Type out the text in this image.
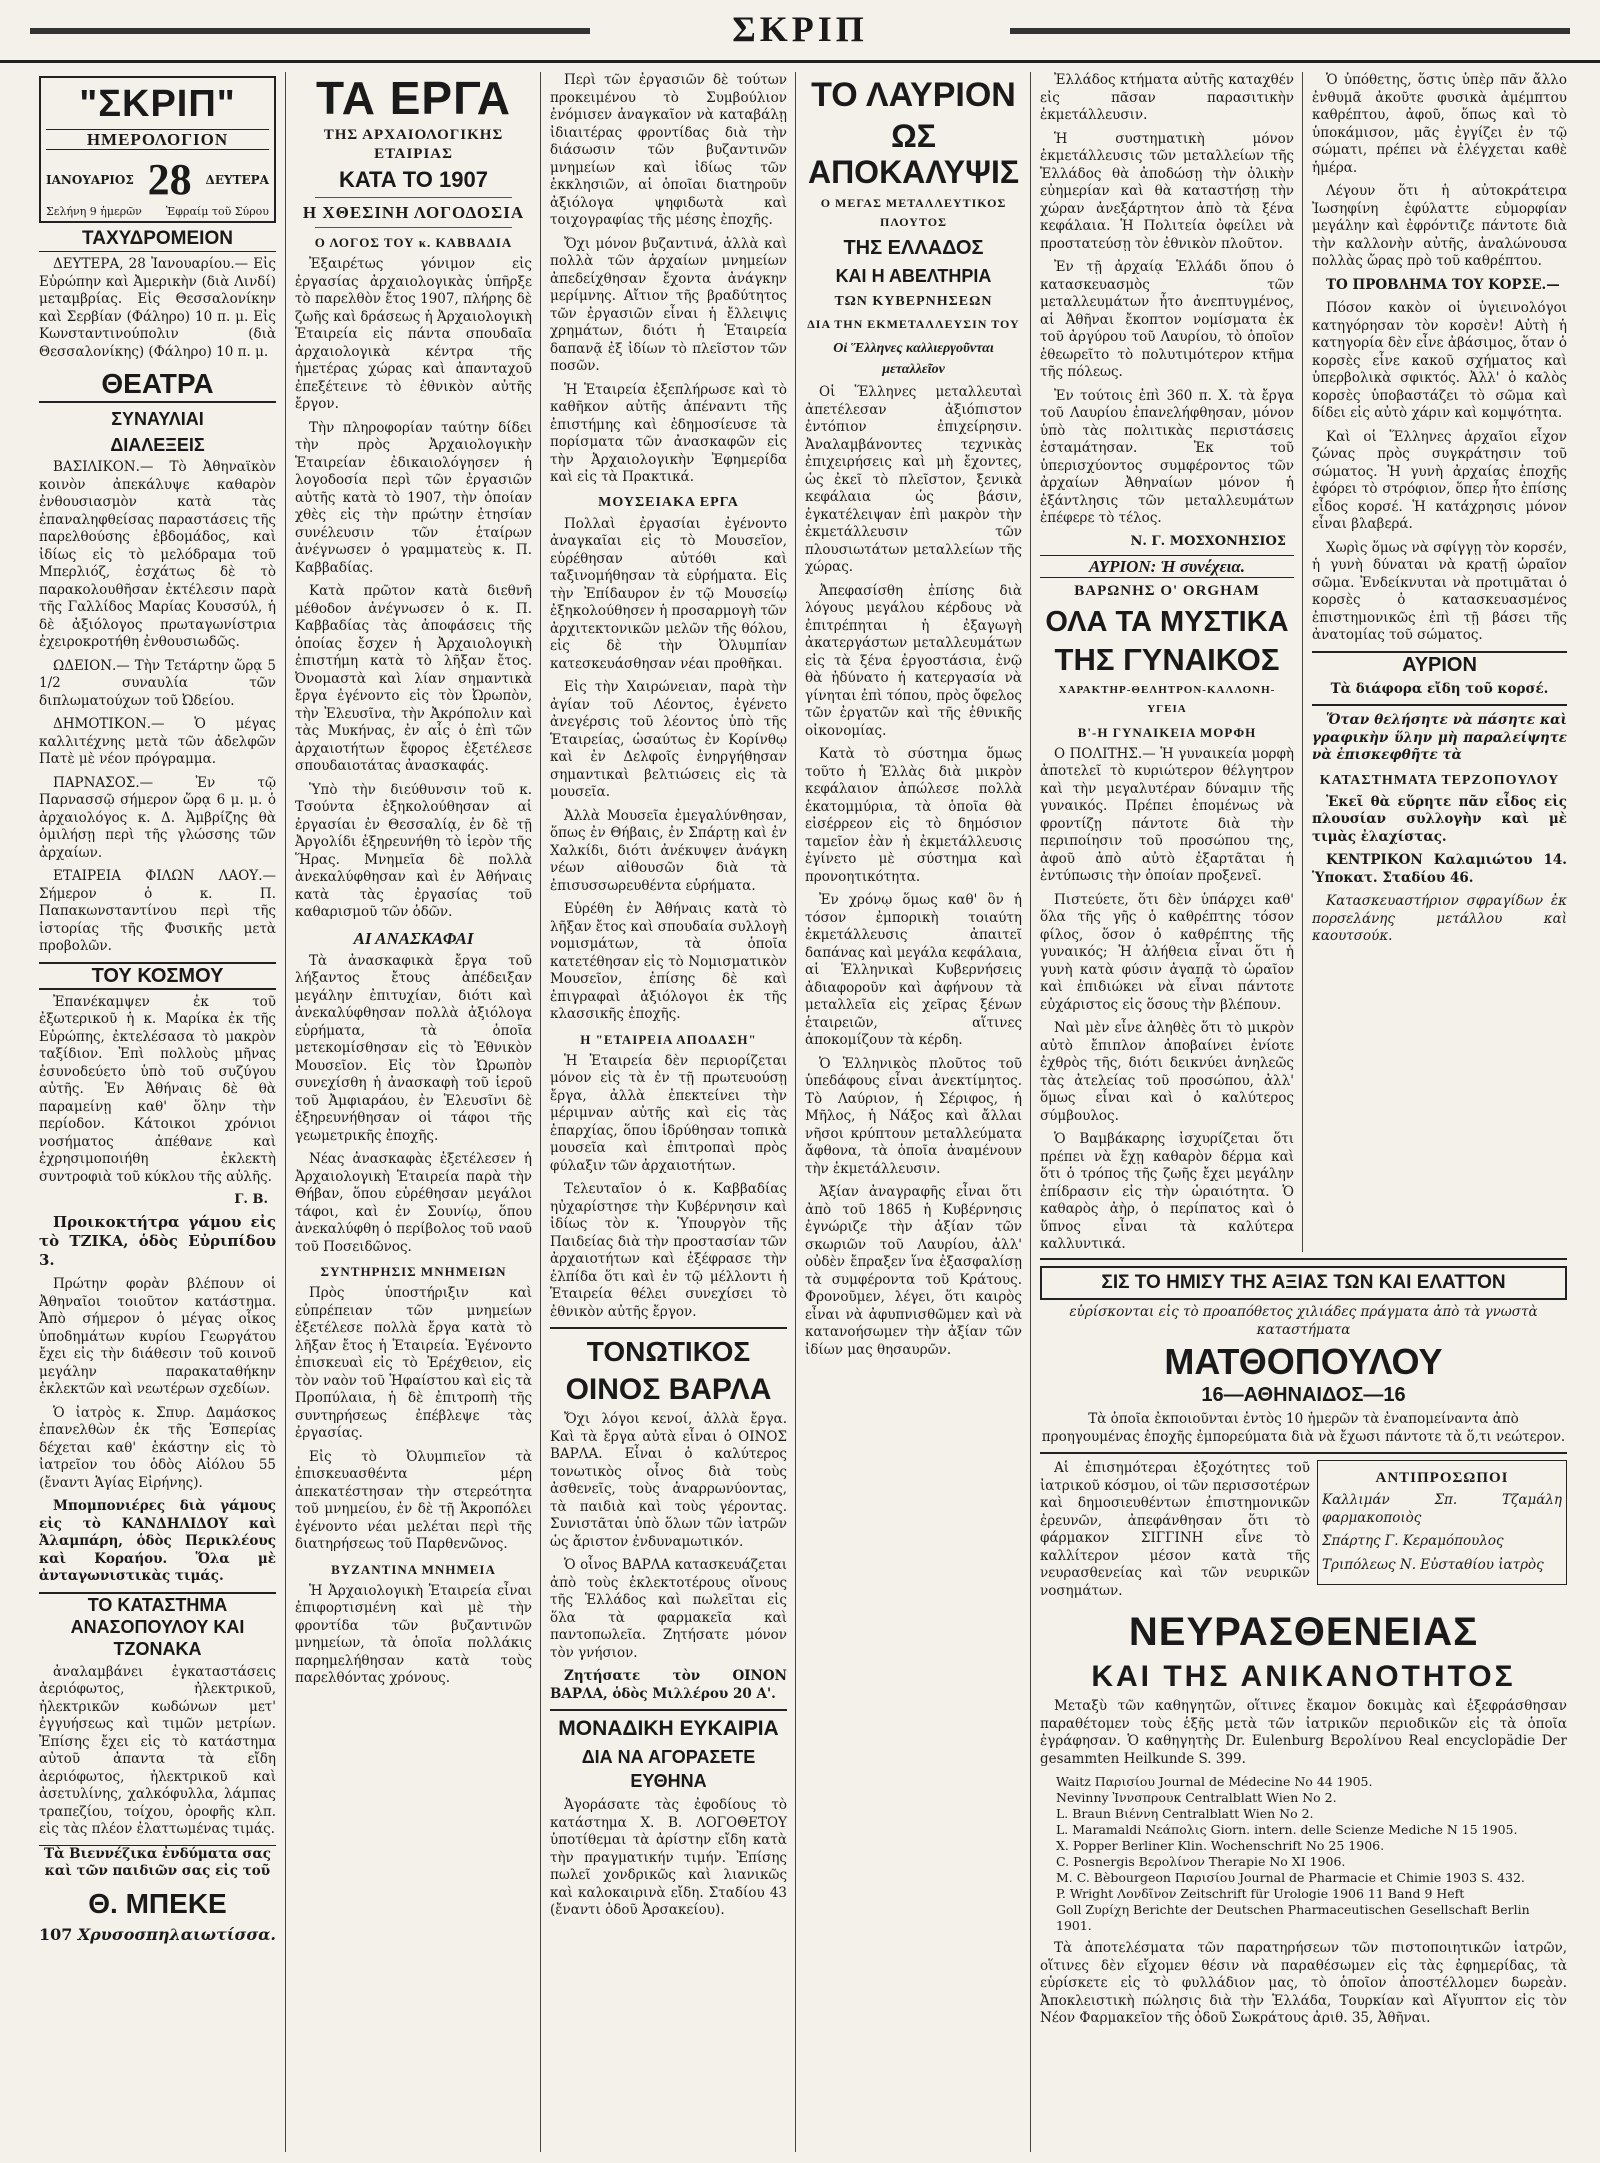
ΣΚΡΙΠ
"ΣΚΡΙΠ"
ΗΜΕΡΟΛΟΓΙΟΝ
ΙΑΝΟΥΑΡΙΟΣ 28 ΔΕΥΤΕΡΑ
Σελήνη 9 ἡμερῶν Ἐφραίμ τοῦ Σύρου
ΤΑΧΥΔΡΟΜΕΙΟΝ

ΔΕΥΤΕΡΑ, 28 Ἰανουαρίου.— Εἰς Εὐρώπην καὶ Ἀμερικὴν (διὰ Λινδί) μεταμβρίας. Εἰς Θεσσαλονίκην καὶ Σερβίαν (Φάληρο) 10 π. μ. Εἰς Κωνσταντινούπολιν (διὰ Θεσσαλονίκης) (Φάληρο) 10 π. μ.

ΘΕΑΤΡΑ
ΣΥΝΑΥΛΙΑΙ
ΔΙΑΛΕΞΕΙΣ

ΒΑΣΙΛΙΚΟΝ.— Τὸ Ἀθηναϊκὸν κοινὸν ἀπεκάλυψε καθαρὸν ἐνθουσιασμὸν κατὰ τὰς ἐπαναληφθείσας παραστάσεις τῆς παρελθούσης ἑβδομάδος, καὶ ἰδίως εἰς τὸ μελόδραμα τοῦ Μπερλιόζ, ἐσχάτως δὲ τὸ παρακολουθῆσαν ἐκτέλεσιν παρὰ τῆς Γαλλίδος Μαρίας Κουσσύλ, ἡ δὲ ἀξιόλογος πρωταγωνίστρια ἐχειροκροτήθη ἐνθουσιωδῶς.

ΩΔΕΙΟΝ.— Τὴν Τετάρτην ὥρᾳ 5 1/2 συναυλία τῶν διπλωματούχων τοῦ Ὠδείου.

ΔΗΜΟΤΙΚΟΝ.— Ὁ μέγας καλλιτέχνης μετὰ τῶν ἀδελφῶν Πατὲ μὲ νέον πρόγραμμα.

ΠΑΡΝΑΣΟΣ.— Ἐν τῷ Παρνασσῷ σήμερον ὥρᾳ 6 μ. μ. ὁ ἀρχαιολόγος κ. Δ. Ἀμβρίζης θὰ ὁμιλήσῃ περὶ τῆς γλώσσης τῶν ἀρχαίων.

ΕΤΑΙΡΕΙΑ ΦΙΛΩΝ ΛΑΟΥ.— Σήμερον ὁ κ. Π. Παπακωνσταντίνου περὶ τῆς ἱστορίας τῆς Φυσικῆς μετὰ προβολῶν.

ΤΟΥ ΚΟΣΜΟΥ

Ἐπανέκαμψεν ἐκ τοῦ ἐξωτερικοῦ ἡ κ. Μαρίκα ἐκ τῆς Εὐρώπης, ἐκτελέσασα τὸ μακρὸν ταξίδιον. Ἐπὶ πολλοὺς μῆνας ἐσυνοδεύετο ὑπὸ τοῦ συζύγου αὐτῆς. Ἐν Ἀθήναις δὲ θὰ παραμείνῃ καθ' ὅλην τὴν περίοδον. Κάτοικοι χρόνιοι νοσήματος ἀπέθανε καὶ ἐχρησιμοποιήθη ἐκλεκτὴ συντροφιὰ τοῦ κύκλου τῆς αὐλῆς.

Γ. Β.

Προικοκτήτρα γάμου εἰς τὸ ΤΖΙΚΑ, ὁδὸς Εὐριπίδου 3.

Πρώτην φορὰν βλέπουν οἱ Ἀθηναῖοι τοιοῦτον κατάστημα. Ἀπὸ σήμερον ὁ μέγας οἶκος ὑποδημάτων κυρίου Γεωργάτου ἔχει εἰς τὴν διάθεσιν τοῦ κοινοῦ μεγάλην παρακαταθήκην ἐκλεκτῶν καὶ νεωτέρων σχεδίων.

Ὁ ἰατρὸς κ. Σπυρ. Δαμάσκος ἐπανελθὼν ἐκ τῆς Ἑσπερίας δέχεται καθ' ἑκάστην εἰς τὸ ἰατρεῖον του ὁδὸς Αἰόλου 55 (ἔναντι Ἁγίας Εἰρήνης).

Μπομπονιέρες διὰ γάμους εἰς τὸ ΚΑΝΔΗΛΙΔΟΥ καὶ Ἀλαμπάρη, ὁδὸς Περικλέους καὶ Κοραήου. Ὅλα μὲ ἀνταγωνιστικὰς τιμάς.

ΤΟ ΚΑΤΑΣΤΗΜΑ ΑΝΑΣΟΠΟΥΛΟΥ ΚΑΙ ΤΖΟΝΑΚΑ

ἀναλαμβάνει ἐγκαταστάσεις ἀεριόφωτος, ἠλεκτρικοῦ, ἠλεκτρικῶν κωδώνων μετ' ἐγγυήσεως καὶ τιμῶν μετρίων. Ἐπίσης ἔχει εἰς τὸ κατάστημα αὐτοῦ ἀπαντα τὰ εἴδη ἀεριόφωτος, ἠλεκτρικοῦ καὶ ἀσετυλίνης, χαλκόφυλλα, λάμπας τραπεζίου, τοίχου, ὀροφῆς κλπ. εἰς τὰς πλέον ἐλαττωμένας τιμάς.

Τὰ Βιεννέζικα ἐνδύματα σας καὶ τῶν παιδιῶν σας εἰς τοῦ

Θ. ΜΠΕΚΕ
107 Χρυσοσπηλαιωτίσσα.
ΤΑ ΕΡΓΑ
ΤΗΣ ΑΡΧΑΙΟΛΟΓΙΚΗΣ ΕΤΑΙΡΙΑΣ
ΚΑΤΑ ΤΟ 1907
Η ΧΘΕΣΙΝΗ ΛΟΓΟΔΟΣΙΑ
Ο ΛΟΓΟΣ ΤΟΥ κ. ΚΑΒΒΑΔΙΑ

Ἐξαιρέτως γόνιμον εἰς ἐργασίας ἀρχαιολογικὰς ὑπῆρξε τὸ παρελθὸν ἔτος 1907, πλήρης δὲ ζωῆς καὶ δράσεως ἡ Ἀρχαιολογικὴ Ἑταιρεία εἰς πάντα σπουδαῖα ἀρχαιολογικὰ κέντρα τῆς ἡμετέρας χώρας καὶ ἀπανταχοῦ ἐπεξέτεινε τὸ ἐθνικὸν αὐτῆς ἔργον.

Τὴν πληροφορίαν ταύτην δίδει τὴν πρὸς Ἀρχαιολογικὴν Ἑταιρείαν ἐδικαιολόγησεν ἡ λογοδοσία περὶ τῶν ἐργασιῶν αὐτῆς κατὰ τὸ 1907, τὴν ὁποίαν χθὲς εἰς τὴν πρώτην ἐτησίαν συνέλευσιν τῶν ἑταίρων ἀνέγνωσεν ὁ γραμματεὺς κ. Π. Καββαδίας.

Κατὰ πρῶτον κατὰ διεθνῆ μέθοδον ἀνέγνωσεν ὁ κ. Π. Καββαδίας τὰς ἀποφάσεις τῆς ὁποίας ἔσχεν ἡ Ἀρχαιολογικὴ ἐπιστήμη κατὰ τὸ λῆξαν ἔτος. Ὀνομαστὰ καὶ λίαν σημαντικὰ ἔργα ἐγένοντο εἰς τὸν Ὠρωπὸν, τὴν Ἐλευσῖνα, τὴν Ἀκρόπολιν καὶ τὰς Μυκήνας, ἐν αἷς ὁ ἐπὶ τῶν ἀρχαιοτήτων ἔφορος ἐξετέλεσε σπουδαιοτάτας ἀνασκαφάς.

Ὑπὸ τὴν διεύθυνσιν τοῦ κ. Τσούντα ἐξηκολούθησαν αἱ ἐργασίαι ἐν Θεσσαλίᾳ, ἐν δὲ τῇ Ἀργολίδι ἐξηρευνήθη τὸ ἱερὸν τῆς Ἥρας. Μνημεῖα δὲ πολλὰ ἀνεκαλύφθησαν καὶ ἐν Ἀθήναις κατὰ τὰς ἐργασίας τοῦ καθαρισμοῦ τῶν ὁδῶν.

ΑΙ ΑΝΑΣΚΑΦΑΙ

Τὰ ἀνασκαφικὰ ἔργα τοῦ λήξαντος ἔτους ἀπέδειξαν μεγάλην ἐπιτυχίαν, διότι καὶ ἀνεκαλύφθησαν πολλὰ ἀξιόλογα εὑρήματα, τὰ ὁποῖα μετεκομίσθησαν εἰς τὸ Ἐθνικὸν Μουσεῖον. Εἰς τὸν Ὠρωπὸν συνεχίσθη ἡ ἀνασκαφὴ τοῦ ἱεροῦ τοῦ Ἀμφιαράου, ἐν Ἐλευσῖνι δὲ ἐξηρευνήθησαν οἱ τάφοι τῆς γεωμετρικῆς ἐποχῆς.

Νέας ἀνασκαφὰς ἐξετέλεσεν ἡ Ἀρχαιολογικὴ Ἑταιρεία παρὰ τὴν Θήβαν, ὅπου εὑρέθησαν μεγάλοι τάφοι, καὶ ἐν Σουνίῳ, ὅπου ἀνεκαλύφθη ὁ περίβολος τοῦ ναοῦ τοῦ Ποσειδῶνος.

ΣΥΝΤΗΡΗΣΙΣ ΜΝΗΜΕΙΩΝ

Πρὸς ὑποστήριξιν καὶ εὐπρέπειαν τῶν μνημείων ἐξετέλεσε πολλὰ ἔργα κατὰ τὸ λῆξαν ἔτος ἡ Ἑταιρεία. Ἐγένοντο ἐπισκευαὶ εἰς τὸ Ἐρέχθειον, εἰς τὸν ναὸν τοῦ Ἡφαίστου καὶ εἰς τὰ Προπύλαια, ἡ δὲ ἐπιτροπὴ τῆς συντηρήσεως ἐπέβλεψε τὰς ἐργασίας.

Εἰς τὸ Ὀλυμπιεῖον τὰ ἐπισκευασθέντα μέρη ἀπεκατέστησαν τὴν στερεότητα τοῦ μνημείου, ἐν δὲ τῇ Ἀκροπόλει ἐγένοντο νέαι μελέται περὶ τῆς διατηρήσεως τοῦ Παρθενῶνος.

ΒΥΖΑΝΤΙΝΑ ΜΝΗΜΕΙΑ

Ἡ Ἀρχαιολογικὴ Ἑταιρεία εἶναι ἐπιφορτισμένη καὶ μὲ τὴν φροντίδα τῶν βυζαντινῶν μνημείων, τὰ ὁποῖα πολλάκις παρημελήθησαν κατὰ τοὺς παρελθόντας χρόνους.

Περὶ τῶν ἐργασιῶν δὲ τούτων προκειμένου τὸ Συμβούλιον ἐνόμισεν ἀναγκαῖον νὰ καταβάλῃ ἰδιαιτέρας φροντίδας διὰ τὴν διάσωσιν τῶν βυζαντινῶν μνημείων καὶ ἰδίως τῶν ἐκκλησιῶν, αἱ ὁποῖαι διατηροῦν ἀξιόλογα ψηφιδωτὰ καὶ τοιχογραφίας τῆς μέσης ἐποχῆς.

Ὄχι μόνον βυζαντινά, ἀλλὰ καὶ πολλὰ τῶν ἀρχαίων μνημείων ἀπεδείχθησαν ἔχοντα ἀνάγκην μερίμνης. Αἴτιον τῆς βραδύτητος τῶν ἐργασιῶν εἶναι ἡ ἔλλειψις χρημάτων, διότι ἡ Ἑταιρεία δαπανᾷ ἐξ ἰδίων τὸ πλεῖστον τῶν ποσῶν.

Ἡ Ἑταιρεία ἐξεπλήρωσε καὶ τὸ καθῆκον αὐτῆς ἀπέναντι τῆς ἐπιστήμης καὶ ἐδημοσίευσε τὰ πορίσματα τῶν ἀνασκαφῶν εἰς τὴν Ἀρχαιολογικὴν Ἐφημερίδα καὶ εἰς τὰ Πρακτικά.

ΜΟΥΣΕΙΑΚΑ ΕΡΓΑ

Πολλαὶ ἐργασίαι ἐγένοντο ἀναγκαῖαι εἰς τὸ Μουσεῖον, εὑρέθησαν αὐτόθι καὶ ταξινομήθησαν τὰ εὑρήματα. Εἰς τὴν Ἐπίδαυρον ἐν τῷ Μουσείῳ ἐξηκολούθησεν ἡ προσαρμογὴ τῶν ἀρχιτεκτονικῶν μελῶν τῆς θόλου, εἰς δὲ τὴν Ὀλυμπίαν κατεσκευάσθησαν νέαι προθῆκαι.

Εἰς τὴν Χαιρώνειαν, παρὰ τὴν ἀγίαν τοῦ Λέοντος, ἐγένετο ἀνεγέρσις τοῦ λέοντος ὑπὸ τῆς Ἑταιρείας, ὡσαύτως ἐν Κορίνθῳ καὶ ἐν Δελφοῖς ἐνηργήθησαν σημαντικαὶ βελτιώσεις εἰς τὰ μουσεῖα.

Ἀλλὰ Μουσεῖα ἐμεγαλύνθησαν, ὅπως ἐν Θήβαις, ἐν Σπάρτῃ καὶ ἐν Χαλκίδι, διότι ἀνέκυψεν ἀνάγκη νέων αἰθουσῶν διὰ τὰ ἐπισυσσωρευθέντα εὑρήματα.

Εὑρέθη ἐν Ἀθήναις κατὰ τὸ λῆξαν ἔτος καὶ σπουδαία συλλογὴ νομισμάτων, τὰ ὁποῖα κατετέθησαν εἰς τὸ Νομισματικὸν Μουσεῖον, ἐπίσης δὲ καὶ ἐπιγραφαὶ ἀξιόλογοι ἐκ τῆς κλασσικῆς ἐποχῆς.

Η "ΕΤΑΙΡΕΙΑ ΑΠΟΔΑΣΗ"

Ἡ Ἑταιρεία δὲν περιορίζεται μόνον εἰς τὰ ἐν τῇ πρωτευούσῃ ἔργα, ἀλλὰ ἐπεκτείνει τὴν μέριμναν αὐτῆς καὶ εἰς τὰς ἐπαρχίας, ὅπου ἱδρύθησαν τοπικὰ μουσεῖα καὶ ἐπιτροπαὶ πρὸς φύλαξιν τῶν ἀρχαιοτήτων.

Τελευταῖον ὁ κ. Καββαδίας ηὐχαρίστησε τὴν Κυβέρνησιν καὶ ἰδίως τὸν κ. Ὑπουργὸν τῆς Παιδείας διὰ τὴν προστασίαν τῶν ἀρχαιοτήτων καὶ ἐξέφρασε τὴν ἐλπίδα ὅτι καὶ ἐν τῷ μέλλοντι ἡ Ἑταιρεία θέλει συνεχίσει τὸ ἐθνικὸν αὐτῆς ἔργον.

ΤΟΝΩΤΙΚΟΣ
ΟΙΝΟΣ ΒΑΡΛΑ

Ὄχι λόγοι κενοί, ἀλλὰ ἔργα. Καὶ τὰ ἔργα αὐτὰ εἶναι ὁ ΟΙΝΟΣ ΒΑΡΛΑ. Εἶναι ὁ καλύτερος τονωτικὸς οἶνος διὰ τοὺς ἀσθενεῖς, τοὺς ἀναρρωνύοντας, τὰ παιδιὰ καὶ τοὺς γέροντας. Συνιστᾶται ὑπὸ ὅλων τῶν ἰατρῶν ὡς ἄριστον ἐνδυναμωτικόν.

Ὁ οἶνος ΒΑΡΛΑ κατασκευάζεται ἀπὸ τοὺς ἐκλεκτοτέρους οἴνους τῆς Ἑλλάδος καὶ πωλεῖται εἰς ὅλα τὰ φαρμακεῖα καὶ παντοπωλεῖα. Ζητήσατε μόνον τὸν γνήσιον.

Ζητήσατε τὸν ΟΙΝΟΝ ΒΑΡΛΑ, ὁδὸς Μιλλέρου 20 Α'.

ΜΟΝΑΔΙΚΗ ΕΥΚΑΙΡΙΑ
ΔΙΑ ΝΑ ΑΓΟΡΑΣΕΤΕ ΕΥΘΗΝΑ

Ἀγοράσατε τὰς ἐφοδίους τὸ κατάστημα Χ. Β. ΛΟΓΟΘΕΤΟΥ ὑποτίθεμαι τὰ ἀρίστην εἴδη κατὰ τὴν πραγματικήν τιμήν. Ἐπίσης πωλεῖ χονδρικῶς καὶ λιανικῶς καὶ καλοκαιρινὰ εἴδη. Σταδίου 43 (ἔναντι ὁδοῦ Ἀρσακείου).

ΤΟ ΛΑΥΡΙΟΝ
ΩΣ ΑΠΟΚΑΛΥΨΙΣ
Ο ΜΕΓΑΣ ΜΕΤΑΛΛΕΥΤΙΚΟΣ ΠΛΟΥΤΟΣ
ΤΗΣ ΕΛΛΑΔΟΣ
ΚΑΙ Η ΑΒΕΛΤΗΡΙΑ
ΤΩΝ ΚΥΒΕΡΝΗΣΕΩΝ
ΔΙΑ ΤΗΝ ΕΚΜΕΤΑΛΛΕΥΣΙΝ ΤΟΥ
Οἱ Ἕλληνες καλλιεργοῦνται μεταλλεῖον

Οἱ Ἕλληνες μεταλλευταὶ ἀπετέλεσαν ἀξιόπιστον ἐντόπιον ἐπιχείρησιν. Ἀναλαμβάνοντες τεχνικὰς ἐπιχειρήσεις καὶ μὴ ἔχοντες, ὡς ἐκεῖ τὸ πλεῖστον, ξενικὰ κεφάλαια ὡς βάσιν, ἐγκατέλειψαν ἐπὶ μακρὸν τὴν ἐκμετάλλευσιν τῶν πλουσιωτάτων μεταλλείων τῆς χώρας.

Ἀπεφασίσθη ἐπίσης διὰ λόγους μεγάλου κέρδους νὰ ἐπιτρέπηται ἡ ἐξαγωγὴ ἀκατεργάστων μεταλλευμάτων εἰς τὰ ξένα ἐργοστάσια, ἐνῷ θὰ ἠδύνατο ἡ κατεργασία νὰ γίνηται ἐπὶ τόπου, πρὸς ὄφελος τῶν ἐργατῶν καὶ τῆς ἐθνικῆς οἰκονομίας.

Κατὰ τὸ σύστημα ὅμως τοῦτο ἡ Ἑλλὰς διὰ μικρὸν κεφάλαιον ἀπώλεσε πολλὰ ἑκατομμύρια, τὰ ὁποῖα θὰ εἰσέρρεον εἰς τὸ δημόσιον ταμεῖον ἐὰν ἡ ἐκμετάλλευσις ἐγίνετο μὲ σύστημα καὶ προνοητικότητα.

Ἐν χρόνῳ ὅμως καθ' ὃν ἡ τόσον ἐμπορικὴ τοιαύτη ἐκμετάλλευσις ἀπαιτεῖ δαπάνας καὶ μεγάλα κεφάλαια, αἱ Ἑλληνικαὶ Κυβερνήσεις ἀδιαφοροῦν καὶ ἀφήνουν τὰ μεταλλεῖα εἰς χεῖρας ξένων ἑταιρειῶν, αἵτινες ἀποκομίζουν τὰ κέρδη.

Ὁ Ἑλληνικὸς πλοῦτος τοῦ ὑπεδάφους εἶναι ἀνεκτίμητος. Τὸ Λαύριον, ἡ Σέριφος, ἡ Μῆλος, ἡ Νάξος καὶ ἄλλαι νῆσοι κρύπτουν μεταλλεύματα ἄφθονα, τὰ ὁποῖα ἀναμένουν τὴν ἐκμετάλλευσιν.

Ἀξίαν ἀναγραφῆς εἶναι ὅτι ἀπὸ τοῦ 1865 ἡ Κυβέρνησις ἐγνώριζε τὴν ἀξίαν τῶν σκωριῶν τοῦ Λαυρίου, ἀλλ' οὐδὲν ἔπραξεν ἵνα ἐξασφαλίσῃ τὰ συμφέροντα τοῦ Κράτους. Φρονοῦμεν, λέγει, ὅτι καιρὸς εἶναι νὰ ἀφυπνισθῶμεν καὶ νὰ κατανοήσωμεν τὴν ἀξίαν τῶν ἰδίων μας θησαυρῶν.

Ἐλλάδος κτήματα αὐτῆς καταχθέν εἰς πᾶσαν παρασιτικὴν ἐκμετάλλευσιν.

Ἡ συστηματικὴ μόνον ἐκμετάλλευσις τῶν μεταλλείων τῆς Ἑλλάδος θὰ ἀποδώσῃ τὴν ὀλικὴν εὐημερίαν καὶ θὰ καταστήσῃ τὴν χώραν ἀνεξάρτητον ἀπὸ τὰ ξένα κεφάλαια. Ἡ Πολιτεία ὀφείλει νὰ προστατεύσῃ τὸν ἐθνικὸν πλοῦτον.

Ἐν τῇ ἀρχαίᾳ Ἑλλάδι ὅπου ὁ κατασκευασμὸς τῶν μεταλλευμάτων ἦτο ἀνεπτυγμένος, αἱ Ἀθῆναι ἔκοπτον νομίσματα ἐκ τοῦ ἀργύρου τοῦ Λαυρίου, τὸ ὁποῖον ἐθεωρεῖτο τὸ πολυτιμότερον κτῆμα τῆς πόλεως.

Ἐν τούτοις ἐπὶ 360 π. Χ. τὰ ἔργα τοῦ Λαυρίου ἐπανελήφθησαν, μόνον ὑπὸ τὰς πολιτικὰς περιστάσεις ἐσταμάτησαν. Ἐκ τοῦ ὑπερισχύοντος συμφέροντος τῶν ἀρχαίων Ἀθηναίων μόνον ἡ ἐξάντλησις τῶν μεταλλευμάτων ἐπέφερε τὸ τέλος.

Ν. Γ. ΜΟΣΧΟΝΗΣΙΟΣ

ΑΥΡΙΟΝ: Ἡ συνέχεια.
ΒΑΡΩΝΗΣ Ο' ORGHAM
ΟΛΑ ΤΑ ΜΥΣΤΙΚΑ
ΤΗΣ ΓΥΝΑΙΚΟΣ
ΧΑΡΑΚΤΗΡ-ΘΕΛΗΤΡΟΝ-ΚΑΛΛΟΝΗ-ΥΓΕΙΑ
Β'-Η ΓΥΝΑΙΚΕΙΑ ΜΟΡΦΗ

Ο ΠΟΛΙΤΗΣ.— Ἡ γυναικεία μορφὴ ἀποτελεῖ τὸ κυριώτερον θέλγητρον καὶ τὴν μεγαλυτέραν δύναμιν τῆς γυναικός. Πρέπει ἑπομένως νὰ φροντίζῃ πάντοτε διὰ τὴν περιποίησιν τοῦ προσώπου της, ἀφοῦ ἀπὸ αὐτὸ ἐξαρτᾶται ἡ ἐντύπωσις τὴν ὁποίαν προξενεῖ.

Πιστεύετε, ὅτι δὲν ὑπάρχει καθ' ὅλα τῆς γῆς ὁ καθρέπτης τόσον φίλος, ὅσον ὁ καθρέπτης τῆς γυναικός; Ἡ ἀλήθεια εἶναι ὅτι ἡ γυνὴ κατὰ φύσιν ἀγαπᾷ τὸ ὡραῖον καὶ ἐπιδιώκει νὰ εἶναι πάντοτε εὐχάριστος εἰς ὅσους τὴν βλέπουν.

Ναὶ μὲν εἶνε ἀληθὲς ὅτι τὸ μικρὸν αὐτὸ ἔπιπλον ἀποβαίνει ἐνίοτε ἐχθρὸς τῆς, διότι δεικνύει ἀνηλεῶς τὰς ἀτελείας τοῦ προσώπου, ἀλλ' ὅμως εἶναι καὶ ὁ καλύτερος σύμβουλος.

Ὁ Βαμβάκαρης ἰσχυρίζεται ὅτι πρέπει νὰ ἔχῃ καθαρὸν δέρμα καὶ ὅτι ὁ τρόπος τῆς ζωῆς ἔχει μεγάλην ἐπίδρασιν εἰς τὴν ὡραιότητα. Ὁ καθαρὸς ἀὴρ, ὁ περίπατος καὶ ὁ ὕπνος εἶναι τὰ καλύτερα καλλυντικά.

Ὁ ὑπόθετης, ὅστις ὑπὲρ πᾶν ἄλλο ἐνθυμᾶ ἀκοῦτε φυσικὰ ἀμέμπτου καθρέπτου, ἀφοῦ, ὅπως καὶ τὸ ὑποκάμισον, μᾶς ἐγγίζει ἐν τῷ σώματι, πρέπει νὰ ἐλέγχεται καθὲ ἡμέρα.

Λέγουν ὅτι ἡ αὐτοκράτειρα Ἰωσηφίνη ἐφύλαττε εὐμορφίαν μεγάλην καὶ ἐφρόντιζε πάντοτε διὰ τὴν καλλονὴν αὐτῆς, ἀναλώνουσα πολλὰς ὥρας πρὸ τοῦ καθρέπτου.

ΤΟ ΠΡΟΒΛΗΜΑ ΤΟΥ ΚΟΡΣΕ.—

Πόσον κακὸν οἱ ὑγιεινολόγοι κατηγόρησαν τὸν κορσὲν! Αὐτὴ ἡ κατηγορία δὲν εἶνε ἀβάσιμος, ὅταν ὁ κορσὲς εἶνε κακοῦ σχήματος καὶ ὑπερβολικὰ σφικτός. Ἀλλ' ὁ καλὸς κορσὲς ὑποβαστάζει τὸ σῶμα καὶ δίδει εἰς αὐτὸ χάριν καὶ κομψότητα.

Καὶ οἱ Ἕλληνες ἀρχαῖοι εἶχον ζώνας πρὸς συγκράτησιν τοῦ σώματος. Ἡ γυνὴ ἀρχαίας ἐποχῆς ἐφόρει τὸ στρόφιον, ὅπερ ἦτο ἐπίσης εἶδος κορσέ. Ἡ κατάχρησις μόνον εἶναι βλαβερά.

Χωρὶς ὅμως νὰ σφίγγῃ τὸν κορσέν, ἡ γυνὴ δύναται νὰ κρατῇ ὡραῖον σῶμα. Ἐνδείκνυται νὰ προτιμᾶται ὁ κορσὲς ὁ κατασκευασμένος ἐπιστημονικῶς ἐπὶ τῇ βάσει τῆς ἀνατομίας τοῦ σώματος.

ΑΥΡΙΟΝ

Τὰ διάφορα εἴδη τοῦ κορσέ.

Ὅταν θελήσητε νὰ πάσητε καὶ γραφικὴν ὕλην μὴ παραλείψητε νὰ ἐπισκεφθῆτε τὰ

ΚΑΤΑΣΤΗΜΑΤΑ ΤΕΡΖΟΠΟΥΛΟΥ

Ἐκεῖ θὰ εὕρητε πᾶν εἶδος εἰς πλουσίαν συλλογὴν καὶ μὲ τιμὰς ἐλαχίστας.

ΚΕΝΤΡΙΚΟΝ Καλαμιώτου 14. Ὑποκατ. Σταδίου 46.

Κατασκευαστήριον σφραγίδων ἐκ πορσελάνης μετάλλου καὶ καουτσούκ.

ΣΙΣ ΤΟ ΗΜΙΣΥ ΤΗΣ ΑΞΙΑΣ ΤΩΝ ΚΑΙ ΕΛΑΤΤΟΝ

εὑρίσκονται εἰς τὸ προαπόθετος χιλιάδες πράγματα ἀπὸ τὰ γνωστὰ καταστήματα

ΜΑΤΘΟΠΟΥΛΟΥ
16—ΑΘΗΝΑΙΔΟΣ—16

Τὰ ὁποῖα ἐκποιοῦνται ἐντὸς 10 ἡμερῶν τὰ ἐναπομείναντα ἀπὸ προηγουμένας ἐποχῆς ἐμπορεύματα διὰ νὰ ἔχωσι πάντοτε τὰ ὅ,τι νεώτερον.

Αἱ ἐπισημότεραι ἐξοχότητες τοῦ ἰατρικοῦ κόσμου, οἱ τῶν περισσοτέρων καὶ δημοσιευθέντων ἐπιστημονικῶν ἐρευνῶν, ἀπεφάνθησαν ὅτι τὸ φάρμακον ΣΙΓΓΙΝΗ εἶνε τὸ καλλίτερον μέσον κατὰ τῆς νευρασθενείας καὶ τῶν νευρικῶν νοσημάτων.

ΑΝΤΙΠΡΟΣΩΠΟΙ

Καλλιμάν Σπ. Τζαμάλη φαρμακοποιὸς

Σπάρτης Γ. Κεραμόπουλος

Τριπόλεως Ν. Εὐσταθίου ἰατρὸς

ΝΕΥΡΑΣΘΕΝΕΙΑΣ
ΚΑΙ ΤΗΣ ΑΝΙΚΑΝΟΤΗΤΟΣ

Μεταξὺ τῶν καθηγητῶν, οἵτινες ἔκαμον δοκιμὰς καὶ ἐξεφράσθησαν παραθέτομεν τοὺς ἑξῆς μετὰ τῶν ἰατρικῶν περιοδικῶν εἰς τὰ ὁποῖα ἐγράφησαν. Ὁ καθηγητὴς Dr. Eulenburg Βερολίνου Real encyclopädie Der gesammten Heilkunde S. 399.

Waitz Παρισίου Journal de Médecine No 44 1905.

Nevinny Ἰννσπρουκ Centralblatt Wien No 2.

L. Braun Βιέννη Centralblatt Wien No 2.

L. Maramaldi Νεάπολις Giorn. intern. delle Scienze Mediche N 15 1905.

X. Popper Berliner Klin. Wochenschrift No 25 1906.

C. Posnergis Βερολίνον Therapie No XI 1906.

M. C. Bèbourgeon Παρισίου Journal de Pharmacie et Chimie 1903 S. 432.

P. Wright Λονδῖνον Zeitschrift für Urologie 1906 11 Band 9 Heft

Goll Ζυρίχη Berichte der Deutschen Pharmaceutischen Gesellschaft Berlin 1901.

Τὰ ἀποτελέσματα τῶν παρατηρήσεων τῶν πιστοποιητικῶν ἰατρῶν, οἵτινες δὲν εἴχομεν θέσιν νὰ παραθέσωμεν εἰς τὰς ἐφημερίδας, τὰ εὑρίσκετε εἰς τὸ φυλλάδιον μας, τὸ ὁποῖον ἀποστέλλομεν δωρεὰν. Ἀποκλειστικὴ πώλησις διὰ τὴν Ἑλλάδα, Τουρκίαν καὶ Αἴγυπτον εἰς τὸν Νέον Φαρμακεῖον τῆς ὁδοῦ Σωκράτους ἀριθ. 35, Ἀθῆναι.
